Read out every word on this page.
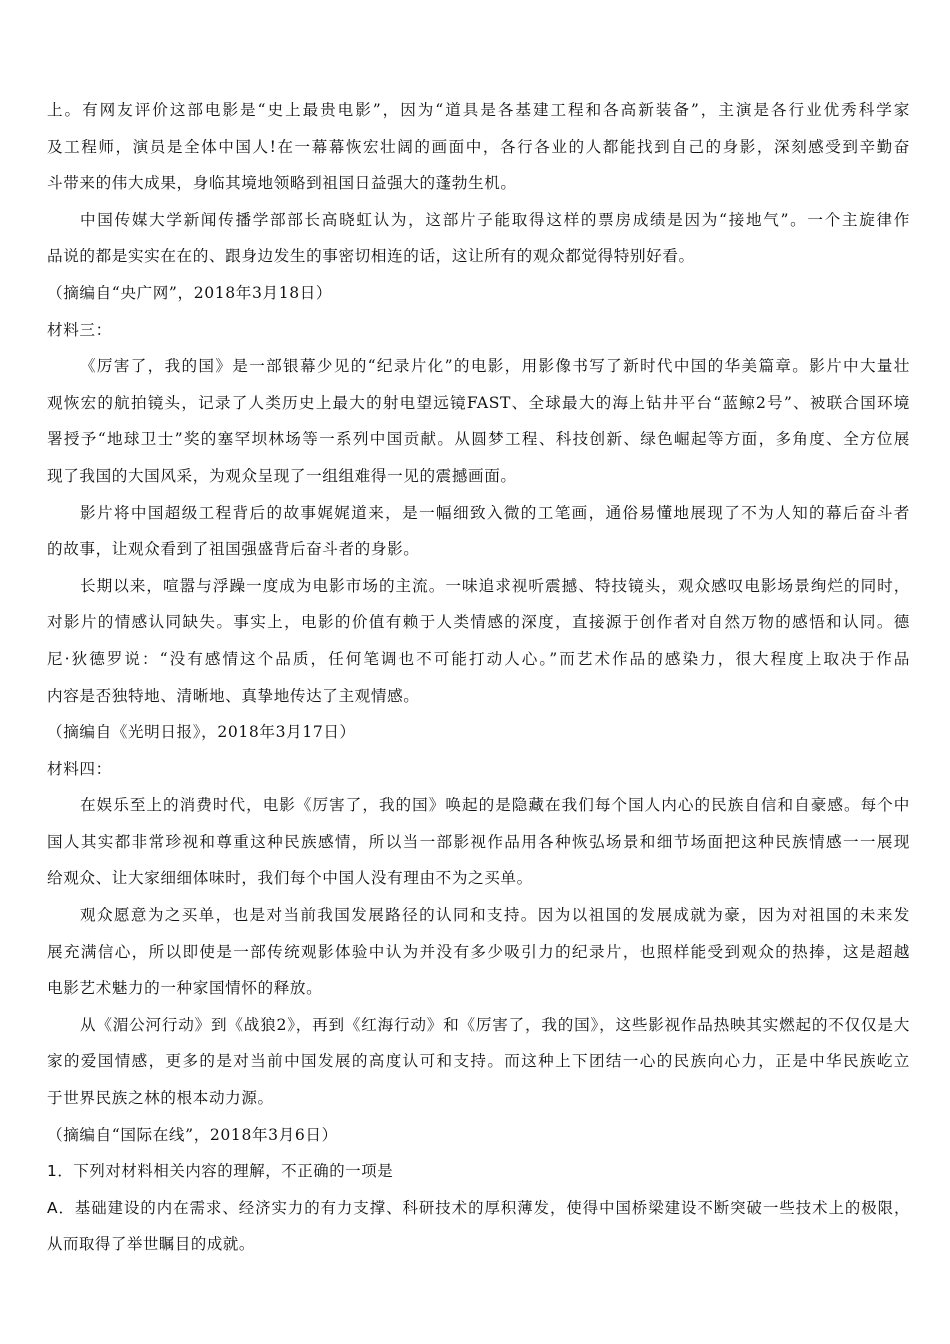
上。有网友评价这部电影是“史上最贵电影”，因为“道具是各基建工程和各高新装备”，主演是各行业优秀科学家
及工程师，演员是全体中国人!在一幕幕恢宏壮阔的画面中，各行各业的人都能找到自己的身影，深刻感受到辛勤奋
斗带来的伟大成果，身临其境地领略到祖国日益强大的蓬勃生机。
中国传媒大学新闻传播学部部长高晓虹认为，这部片子能取得这样的票房成绩是因为“接地气”。一个主旋律作
品说的都是实实在在的、跟身边发生的事密切相连的话，这让所有的观众都觉得特别好看。
（摘编自“央广网”，2018年3月18日）
材料三：
《厉害了，我的国》是一部银幕少见的“纪录片化”的电影，用影像书写了新时代中国的华美篇章。影片中大量壮
观恢宏的航拍镜头，记录了人类历史上最大的射电望远镜FAST、全球最大的海上钻井平台“蓝鲸2号”、被联合国环境
署授予“地球卫士”奖的塞罕坝林场等一系列中国贡献。从圆梦工程、科技创新、绿色崛起等方面，多角度、全方位展
现了我国的大国风采，为观众呈现了一组组难得一见的震撼画面。
影片将中国超级工程背后的故事娓娓道来，是一幅细致入微的工笔画，通俗易懂地展现了不为人知的幕后奋斗者
的故事，让观众看到了祖国强盛背后奋斗者的身影。
长期以来，喧嚣与浮躁一度成为电影市场的主流。一味追求视听震撼、特技镜头，观众感叹电影场景绚烂的同时，
对影片的情感认同缺失。事实上，电影的价值有赖于人类情感的深度，直接源于创作者对自然万物的感悟和认同。德
尼·狄德罗说：“没有感情这个品质，任何笔调也不可能打动人心。”而艺术作品的感染力，很大程度上取决于作品
内容是否独特地、清晰地、真挚地传达了主观情感。
（摘编自《光明日报》，2018年3月17日）
材料四：
在娱乐至上的消费时代，电影《厉害了，我的国》唤起的是隐藏在我们每个国人内心的民族自信和自豪感。每个中
国人其实都非常珍视和尊重这种民族感情，所以当一部影视作品用各种恢弘场景和细节场面把这种民族情感一一展现
给观众、让大家细细体味时，我们每个中国人没有理由不为之买单。
观众愿意为之买单，也是对当前我国发展路径的认同和支持。因为以祖国的发展成就为豪，因为对祖国的未来发
展充满信心，所以即使是一部传统观影体验中认为并没有多少吸引力的纪录片，也照样能受到观众的热捧，这是超越
电影艺术魅力的一种家国情怀的释放。
从《湄公河行动》到《战狼2》，再到《红海行动》和《厉害了，我的国》，这些影视作品热映其实燃起的不仅仅是大
家的爱国情感，更多的是对当前中国发展的高度认可和支持。而这种上下团结一心的民族向心力，正是中华民族屹立
于世界民族之林的根本动力源。
（摘编自“国际在线”，2018年3月6日）
1．下列对材料相关内容的理解，不正确的一项是
A．基础建设的内在需求、经济实力的有力支撑、科研技术的厚积薄发，使得中国桥梁建设不断突破一些技术上的极限，
从而取得了举世瞩目的成就。
